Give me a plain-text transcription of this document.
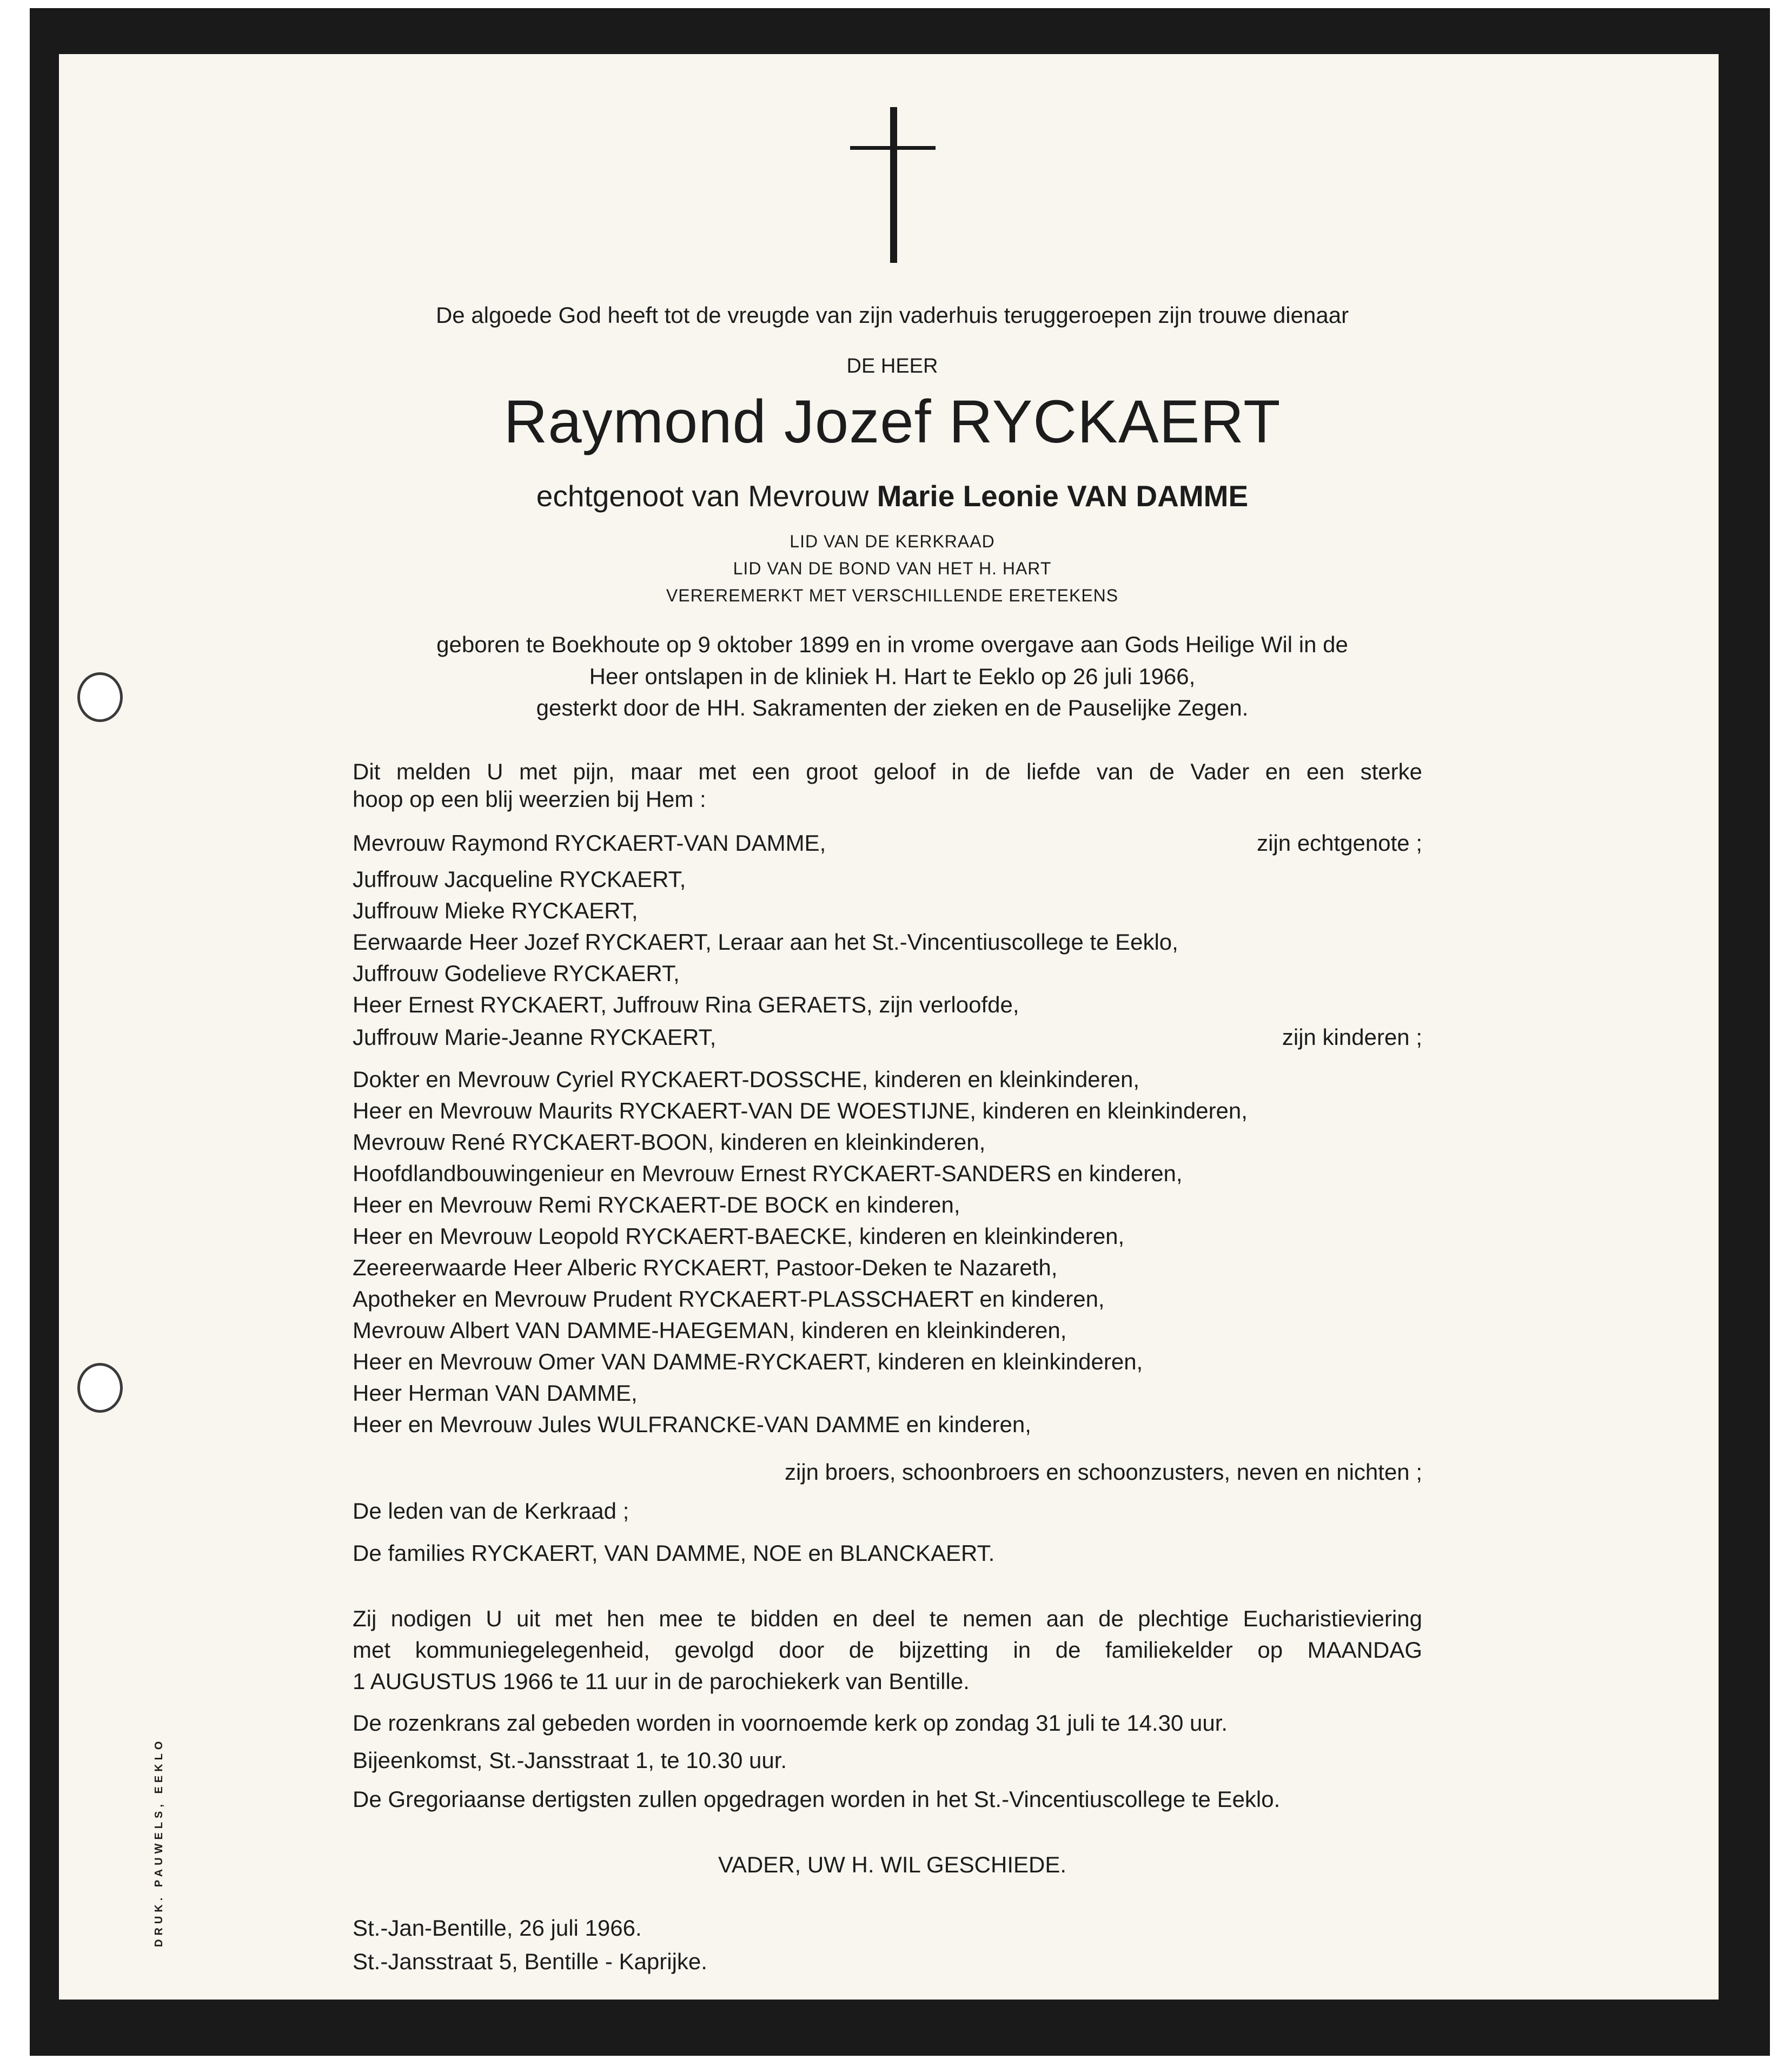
De algoede God heeft tot de vreugde van zijn vaderhuis teruggeroepen zijn trouwe dienaar
DE HEER
Raymond Jozef RYCKAERT
echtgenoot van Mevrouw Marie Leonie VAN DAMME
LID VAN DE KERKRAAD
LID VAN DE BOND VAN HET H. HART
VEREREMERKT MET VERSCHILLENDE ERETEKENS
geboren te Boekhoute op 9 oktober 1899 en in vrome overgave aan Gods Heilige Wil in de
Heer ontslapen in de kliniek H. Hart te Eeklo op 26 juli 1966,
gesterkt door de HH. Sakramenten der zieken en de Pauselijke Zegen.
Dit melden U met pijn, maar met een groot geloof in de liefde van de Vader en een sterke
hoop op een blij weerzien bij Hem :
Mevrouw Raymond RYCKAERT-VAN DAMME,	zijn echtgenote ;
Juffrouw Jacqueline RYCKAERT,
Juffrouw Mieke RYCKAERT,
Eerwaarde Heer Jozef RYCKAERT, Leraar aan het St.-Vincentiuscollege te Eeklo,
Juffrouw Godelieve RYCKAERT,
Heer Ernest RYCKAERT, Juffrouw Rina GERAETS, zijn verloofde,
Juffrouw Marie-Jeanne RYCKAERT,	zijn kinderen ;
Dokter en Mevrouw Cyriel RYCKAERT-DOSSCHE, kinderen en kleinkinderen,
Heer en Mevrouw Maurits RYCKAERT-VAN DE WOESTIJNE, kinderen en kleinkinderen,
Mevrouw René RYCKAERT-BOON, kinderen en kleinkinderen,
Hoofdlandbouwingenieur en Mevrouw Ernest RYCKAERT-SANDERS en kinderen,
Heer en Mevrouw Remi RYCKAERT-DE BOCK en kinderen,
Heer en Mevrouw Leopold RYCKAERT-BAECKE, kinderen en kleinkinderen,
Zeereerwaarde Heer Alberic RYCKAERT, Pastoor-Deken te Nazareth,
Apotheker en Mevrouw Prudent RYCKAERT-PLASSCHAERT en kinderen,
Mevrouw Albert VAN DAMME-HAEGEMAN, kinderen en kleinkinderen,
Heer en Mevrouw Omer VAN DAMME-RYCKAERT, kinderen en kleinkinderen,
Heer Herman VAN DAMME,
Heer en Mevrouw Jules WULFRANCKE-VAN DAMME en kinderen,
zijn broers, schoonbroers en schoonzusters, neven en nichten ;
De leden van de Kerkraad ;
De families RYCKAERT, VAN DAMME, NOE en BLANCKAERT.
Zij nodigen U uit met hen mee te bidden en deel te nemen aan de plechtige Eucharistieviering
met kommuniegelegenheid, gevolgd door de bijzetting in de familiekelder op MAANDAG
1 AUGUSTUS 1966 te 11 uur in de parochiekerk van Bentille.
De rozenkrans zal gebeden worden in voornoemde kerk op zondag 31 juli te 14.30 uur.
Bijeenkomst, St.-Jansstraat 1, te 10.30 uur.
De Gregoriaanse dertigsten zullen opgedragen worden in het St.-Vincentiuscollege te Eeklo.
VADER, UW H. WIL GESCHIEDE.
St.-Jan-Bentille, 26 juli 1966.
St.-Jansstraat 5, Bentille - Kaprijke.
DRUK. PAUWELS, EEKLO
